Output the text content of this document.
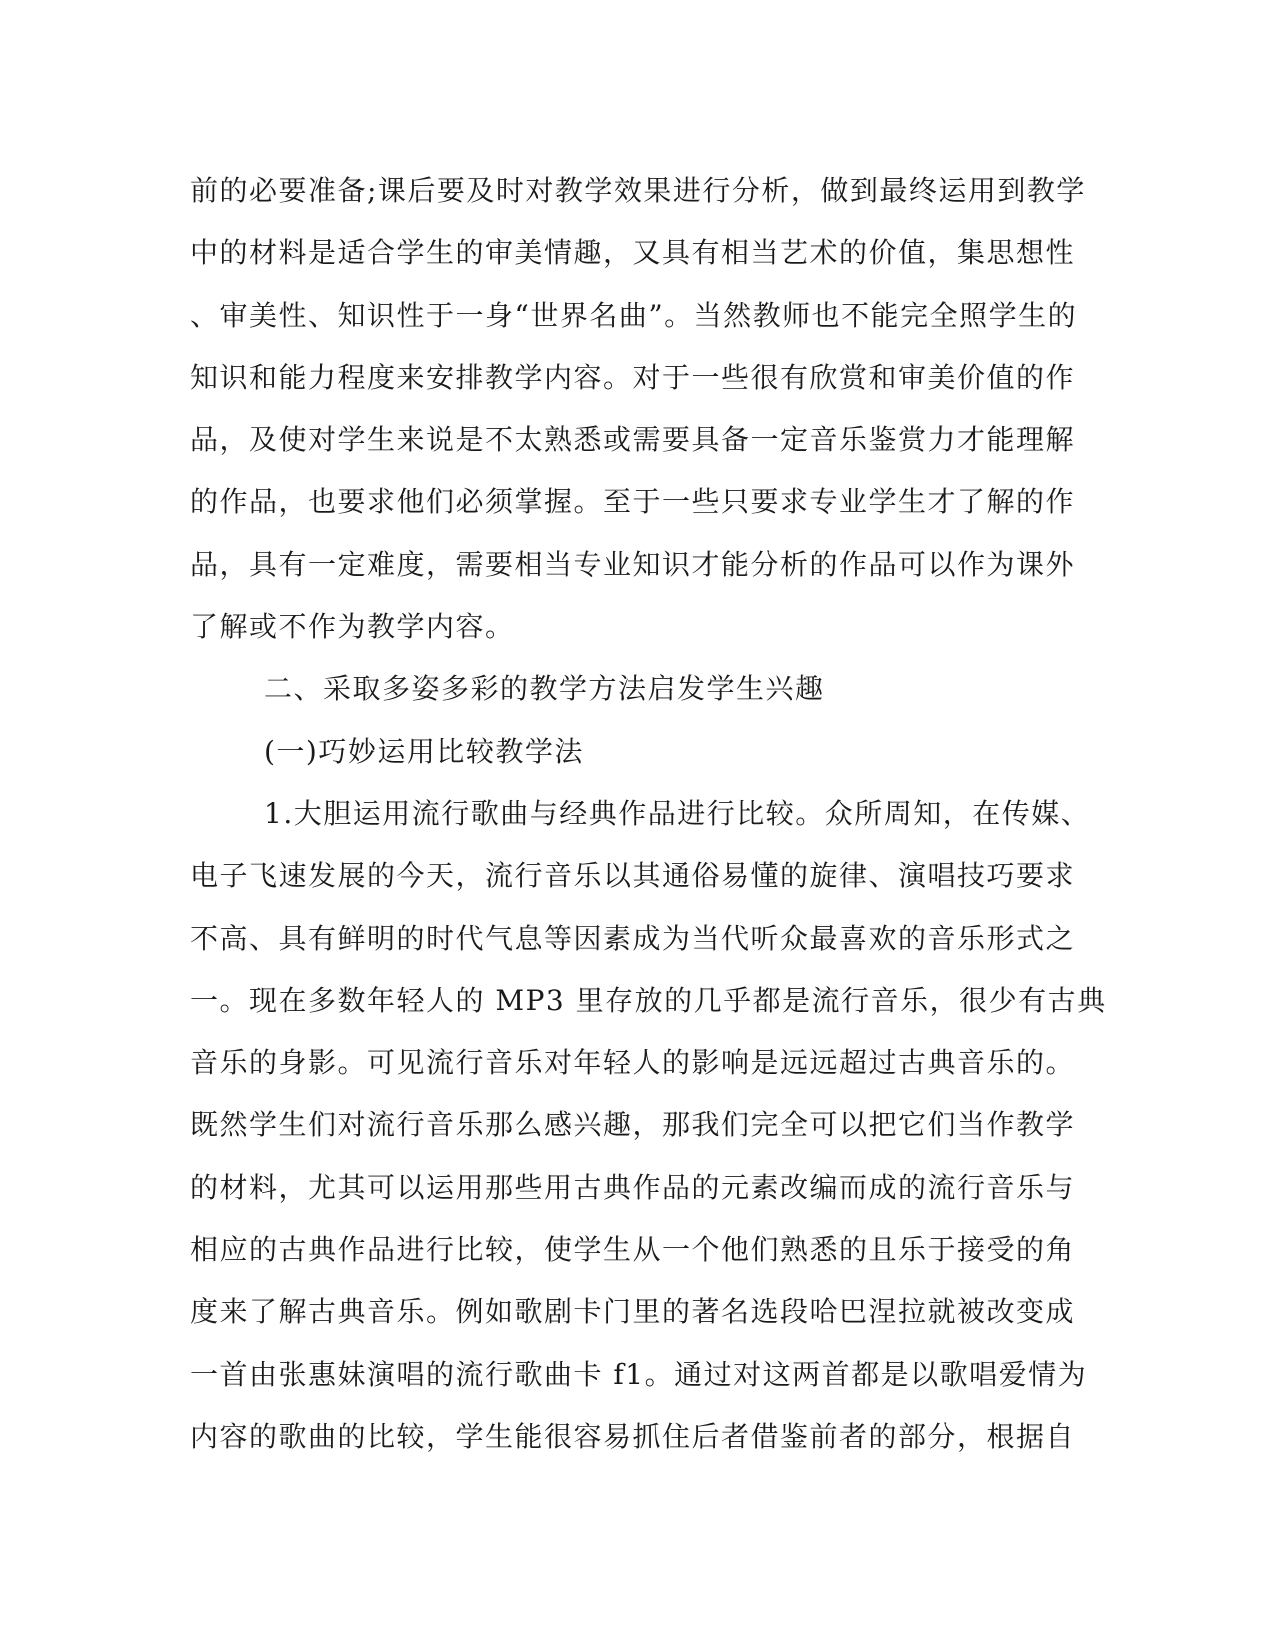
前的必要准备;课后要及时对教学效果进行分析，做到最终运用到教学
中的材料是适合学生的审美情趣，又具有相当艺术的价值，集思想性
、审美性、知识性于一身“世界名曲”。当然教师也不能完全照学生的
知识和能力程度来安排教学内容。对于一些很有欣赏和审美价值的作
品，及使对学生来说是不太熟悉或需要具备一定音乐鉴赏力才能理解
的作品，也要求他们必须掌握。至于一些只要求专业学生才了解的作
品，具有一定难度，需要相当专业知识才能分析的作品可以作为课外
了解或不作为教学内容。
二、采取多姿多彩的教学方法启发学生兴趣
(一)巧妙运用比较教学法
1.大胆运用流行歌曲与经典作品进行比较。众所周知，在传媒、
电子飞速发展的今天，流行音乐以其通俗易懂的旋律、演唱技巧要求
不高、具有鲜明的时代气息等因素成为当代听众最喜欢的音乐形式之
一。现在多数年轻人的 MP3 里存放的几乎都是流行音乐，很少有古典
音乐的身影。可见流行音乐对年轻人的影响是远远超过古典音乐的。
既然学生们对流行音乐那么感兴趣，那我们完全可以把它们当作教学
的材料，尤其可以运用那些用古典作品的元素改编而成的流行音乐与
相应的古典作品进行比较，使学生从一个他们熟悉的且乐于接受的角
度来了解古典音乐。例如歌剧卡门里的著名选段哈巴涅拉就被改变成
一首由张惠妹演唱的流行歌曲卡 f1。通过对这两首都是以歌唱爱情为
内容的歌曲的比较，学生能很容易抓住后者借鉴前者的部分，根据自
